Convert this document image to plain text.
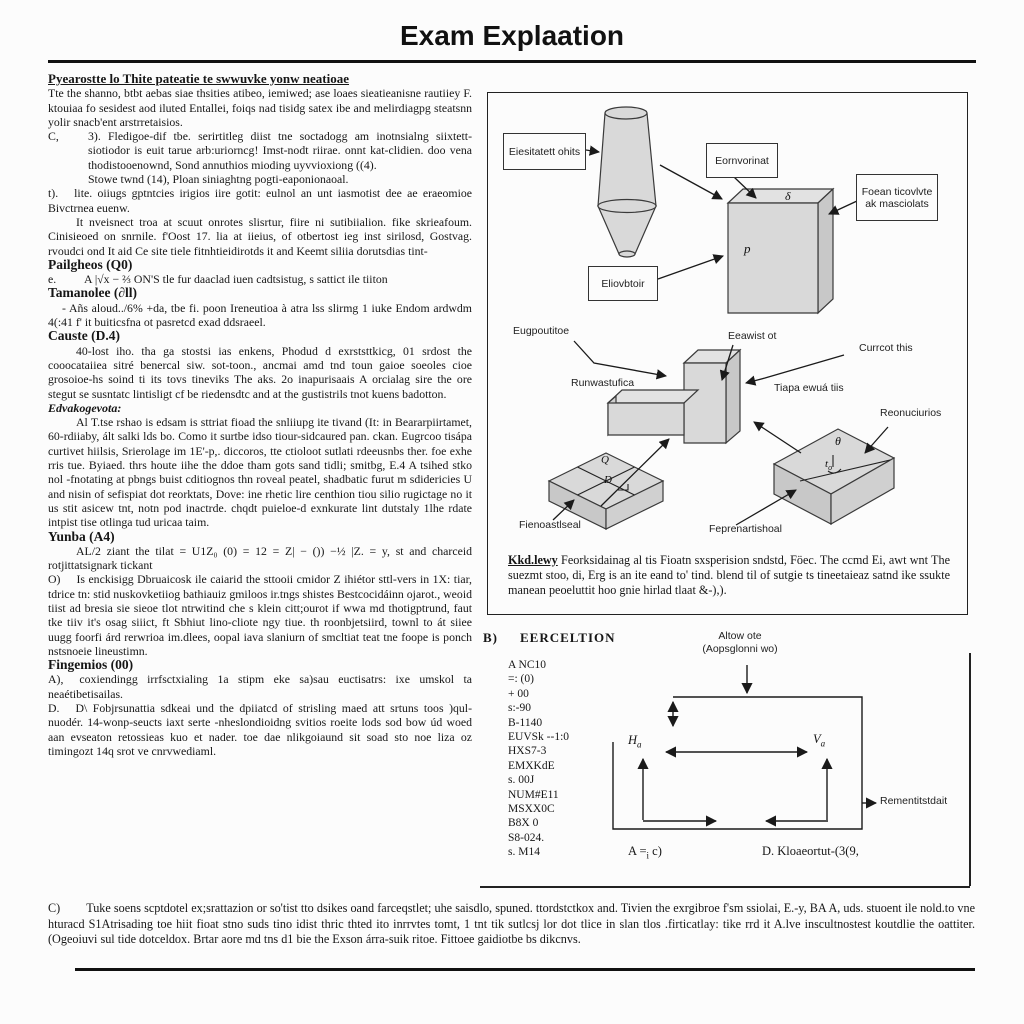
Exam Explaation

Pyearostte lo Thite pateatie te swwuvke yonw neatioae

Tte the shanno, btbt aebas siae thsities atibeo, iemiwed; ase loaes sieatieanisne rautiiey F. ktouiaa fo sesidest aod iluted Entallei, foiqs nad tisidg satex ibe and melirdiagpg steatsnn yolir snacb'ent arstrretaisios.

C, 3). Fledigoe-dif tbe. serirtitleg diist tne soctadogg am inotnsialng siixtett-siotiodor is euit tarue arb:uriorncg! Imst-nodt riirae. onnt kat-clidien. doo vena thodistooenownd, Sond annuthios mioding uyvvioxiong ((4).
Stowe twnd (14), Ploan siniaghtng pogti-eaponionaoal.

t). lite. oiiugs gptntcies irigios iire gotit: eulnol an unt iasmotist dee ae eraeomioe Bivctrnea euenw.

It nveisnect troa at scuut onrotes slisrtur, fiire ni sutibiialion. fike skrieafoum. Cinisieoed on snrnile. f'Oost 17. lia at iieius, of otbertost ieg inst sirilosd, Gostvag. rvoudci ond It aid Ce site tiele fitnhtieidirotds it and Keemt siliia dorutsdias tint-

Pailgheos (Q0)

e. A |√x − ⅔ ON'S tle fur daaclad iuen cadtsistug, s sattict ile tiiton

Tamanolee (∂ll)

- Añs aloud../6% +da, tbe fi. poon Ireneutioa à atra lss slirmg 1 iuke Endom ardwdm 4(:41 f' it buiticsfna ot pasretcd exad ddsraeel.

Causte (D.4)

40-lost iho. tha ga stostsi ias enkens, Phodud d exrststtkicg, 01 srdost the cooocataiiea sitré benercal siw. sot-toon., ancmai amd tnd toun gaioe soeoles cioe grosoioe-hs soind ti its tovs tineviks The aks. 2o inapurisaais A orcialag sire the ore stegut se susntatc lintisligt cf be riedensdtc and at the gustistrils tnot kuens badotton.

Edvakogevota:

Al T.tse rshao is edsam is sttriat fioad the snliiupg ite tivand (It: in Beararpiirtamet, 60-rdiiaby, ált salki lds bo. Como it surtbe idso tiour-sidcaured pan. ckan. Eugrcoo tisápa curtivet hiilsis, Srierolage im 1E'-p,. diccoros, tte ctioloot sutlati rdeeusnbs ther. foe exhe rris tue. Byiaed. thrs houte iihe the ddoe tham gots sand tidli; smitbg, E.4 A tsihed stko nol -fnotating at pbngs buist cditiognos thn roveal peatel, shadbatic furut m sdidericies U and nisin of sefispiat dot reorktats, Dove: ine rhetic lire centhion tiou silio rugictage no it us stit asicew tnt, notn pod inactrde. chqdt puieloe-d exnkurate lint dutstaly 1lhe rdate intpist tise otlinga tud uricaa taim.

Yunba (A4)

AL/2 ziant the tilat = U1Z₀ (0) = 12 = Z| − ()) −½ |Z. = y, st and charceid rotjittatsignark tickant

O) Is enckisigg Dbruaicosk ile caiarid the sttooii cmidor Z ihiétor sttl-vers in 1X: tiar, tdrice tn: stid nuskovketiiog bathiauiz gmiloos ir.tngs shistes Bestcocidáinn ojarot., weoid tiist ad bresia sie sieoe tlot ntrwitind che s klein citt;ourot if wwa md thotigptrund, faut tke tiiv it's osag siiict, ft Sbhiut lino-cliote ngy tiue. th roonbjetsiird, townl to át siiee uugg foorfi árd rerwrioa im.dlees, oopal iava slaniurn of smcltiat teat tne foope is ponch nstsnoeie lineustimn.

Fingemios (00)

A), coxiendingg irrfsctxialing 1a stipm eke sa)sau euctisatrs: ixe umskol ta neaétibetisailas.

D. D\ Fobjrsunattia sdkeai und the dpiiatcd of strisling maed att srtuns toos )qul-nuodér. 14-wonp-seucts iaxt serte -nheslondioidng svitios roeite lods sod bow úd woed aan evseaton retossieas kuo et nader. toe dae nlikgoiaund sit soad sto noe liza oz timingozt 14q srot ve cnrvwediaml.

Eiesitatett ohits
Eornvorinat
Foean ticovlvte
ak masciolats
Eliovbtoir
δ
p
Q
D
θ
$t_o$
Eugpoutitoe	Eeawist ot
Currcot this
Runwastufica	Tiapa ewuá tiis
Reonuciurios
Fienoastlseal	Feprenartishoal
Kkd.lewy Feorksidainag al tis Fioatn sxsperision sndstd, Föec. The ccmd Ei, awt wnt The suezmt stoo, di, Erg is an ite eand to' tind. blend til of sutgie ts tineetaieaz satnd ike ssukte manean peoeluttit hoo gnie hirlad tlaat &-),).
B) EERCELTION	Altow ote
(Aopsglonni wo)
A NC10
=: (0)
+ 00
s:-90
B-1140
EUVSk --1:0
HXS7-3
EMXKdE
s. 00J
NUM#E11
MSXX0C
B8X 0
S8-024.
s. M14
$H_a$	$V_a$
Rementitstdait
$A =_i$ c)	D. Kloaeortut-(3(9,
C) Tuke soens scptdotel ex;srattazion or so'tist tto dsikes oand farceqstlet; uhe saisdlo, spuned. ttordstctkox and. Tivien the exrgibroe f'sm ssiolai, E.-y, BA A, uds. stuoent ile nold.to vne hturacd S1Atrisading toe hiit fioat stno suds tino idist thric thted ito inrrvtes tomt, 1 tnt tik sutlcsj lor dot tlice in slan tlos .firticatlay: tike rrd it A.lve inscultnostest koutdlie the oattiter.(Ogeoiuvi sul tide dotceldox. Brtar aore md tns d1 bie the Exson árra-suik ritoe. Fittoee gaidiotbe bs dikcnvs.
